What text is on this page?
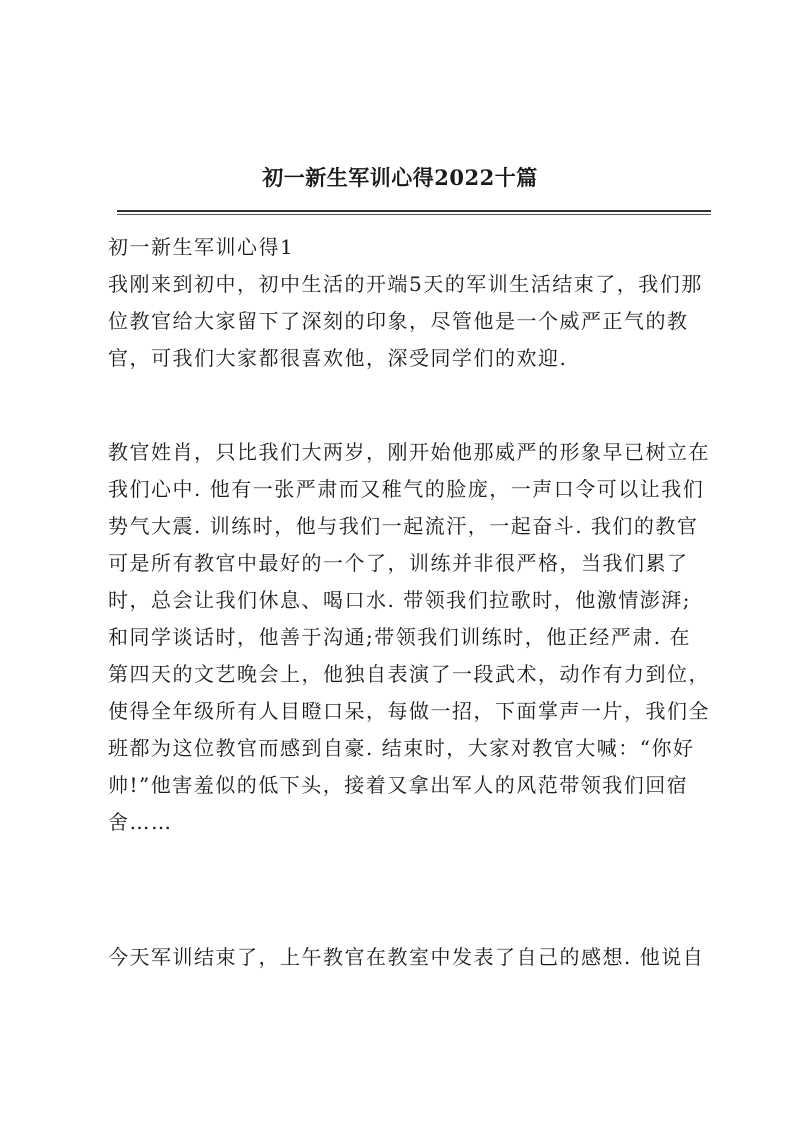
初一新生军训心得2022十篇
初一新生军训心得1
我刚来到初中，初中生活的开端5天的军训生活结束了，我们那
位教官给大家留下了深刻的印象，尽管他是一个威严正气的教
官，可我们大家都很喜欢他，深受同学们的欢迎.
教官姓肖，只比我们大两岁，刚开始他那威严的形象早已树立在
我们心中. 他有一张严肃而又稚气的脸庞，一声口令可以让我们
势气大震. 训练时，他与我们一起流汗，一起奋斗. 我们的教官
可是所有教官中最好的一个了，训练并非很严格，当我们累了
时，总会让我们休息、喝口水. 带领我们拉歌时，他激情澎湃;
和同学谈话时，他善于沟通;带领我们训练时，他正经严肃. 在
第四天的文艺晚会上，他独自表演了一段武术，动作有力到位，
使得全年级所有人目瞪口呆，每做一招，下面掌声一片，我们全
班都为这位教官而感到自豪. 结束时，大家对教官大喊：“你好
帅!”他害羞似的低下头，接着又拿出军人的风范带领我们回宿
舍……
今天军训结束了，上午教官在教室中发表了自己的感想. 他说自
